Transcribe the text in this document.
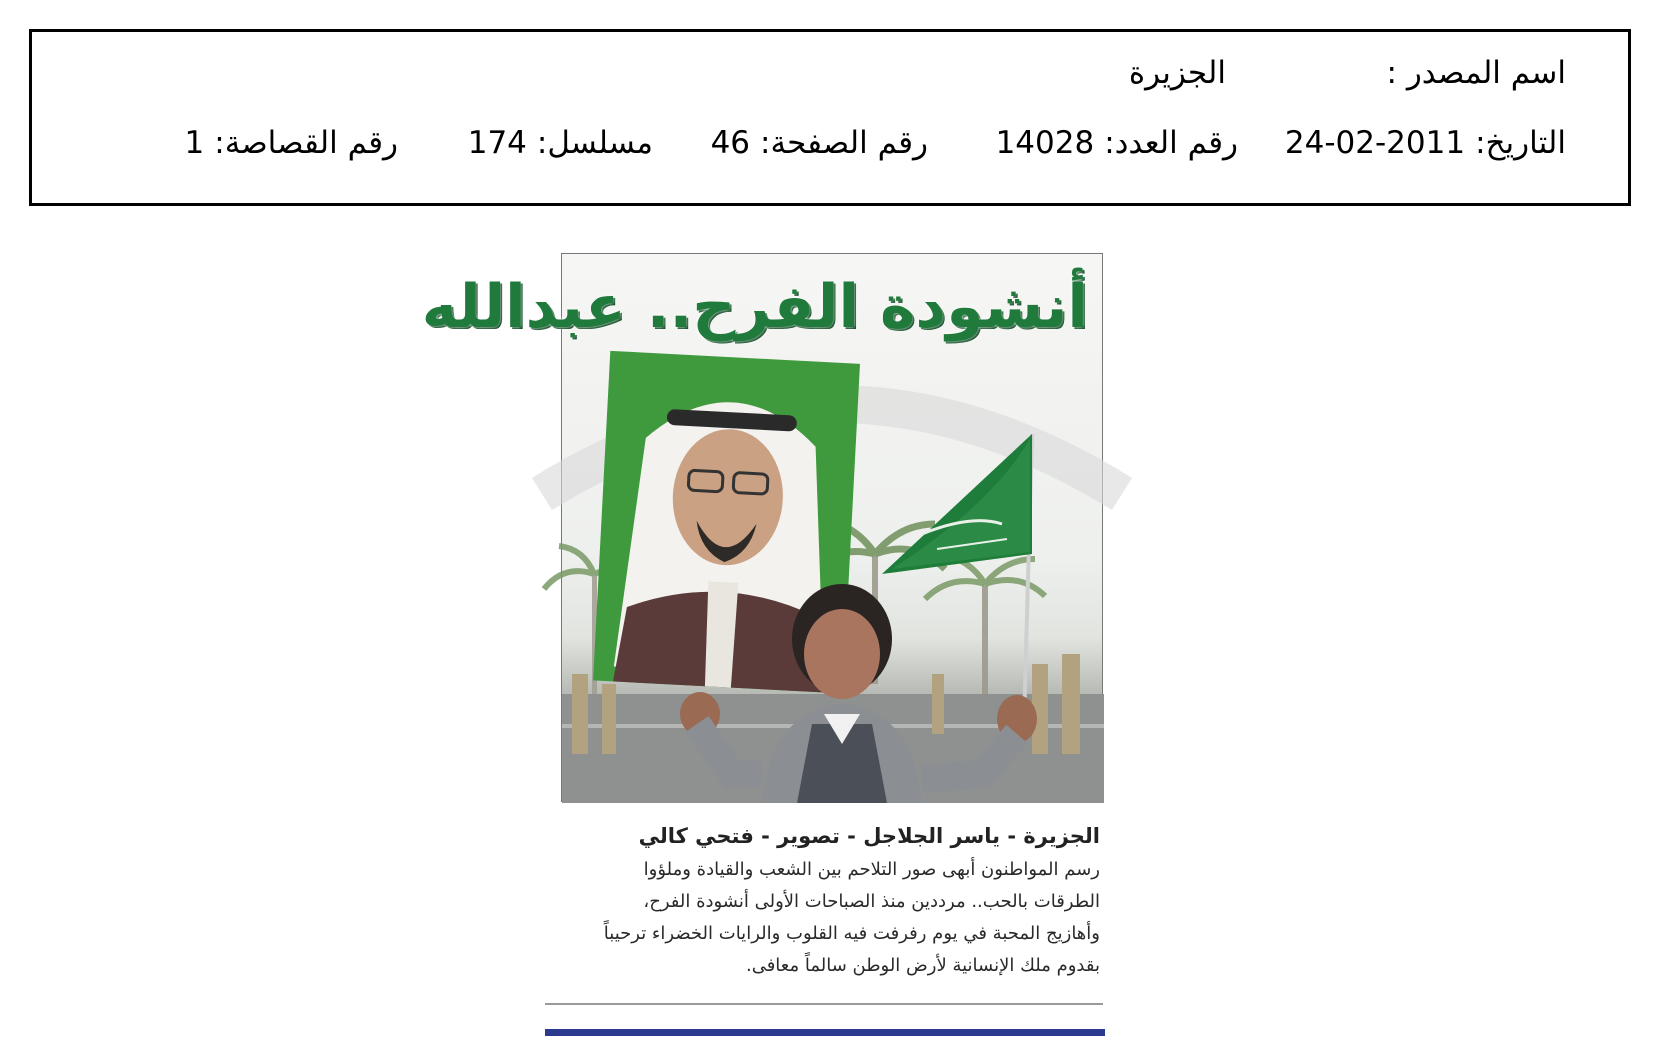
اسم المصدر :
الجزيرة
التاريخ:2011-02-24
رقم العدد:14028
رقم الصفحة:46
مسلسل:174
رقم القصاصة:1
أنشودة الفرح.. عبدالله
الجزيرة - ياسر الجلاجل - تصوير - فتحي كالي
رسم المواطنون أبهى صور التلاحم بين الشعب والقيادة وملؤوا
الطرقات بالحب.. مرددين منذ الصباحات الأولى أنشودة الفرح،
وأهازيج المحبة في يوم رفرفت فيه القلوب والرايات الخضراء ترحيباً
بقدوم ملك الإنسانية لأرض الوطن سالماً معافى.
